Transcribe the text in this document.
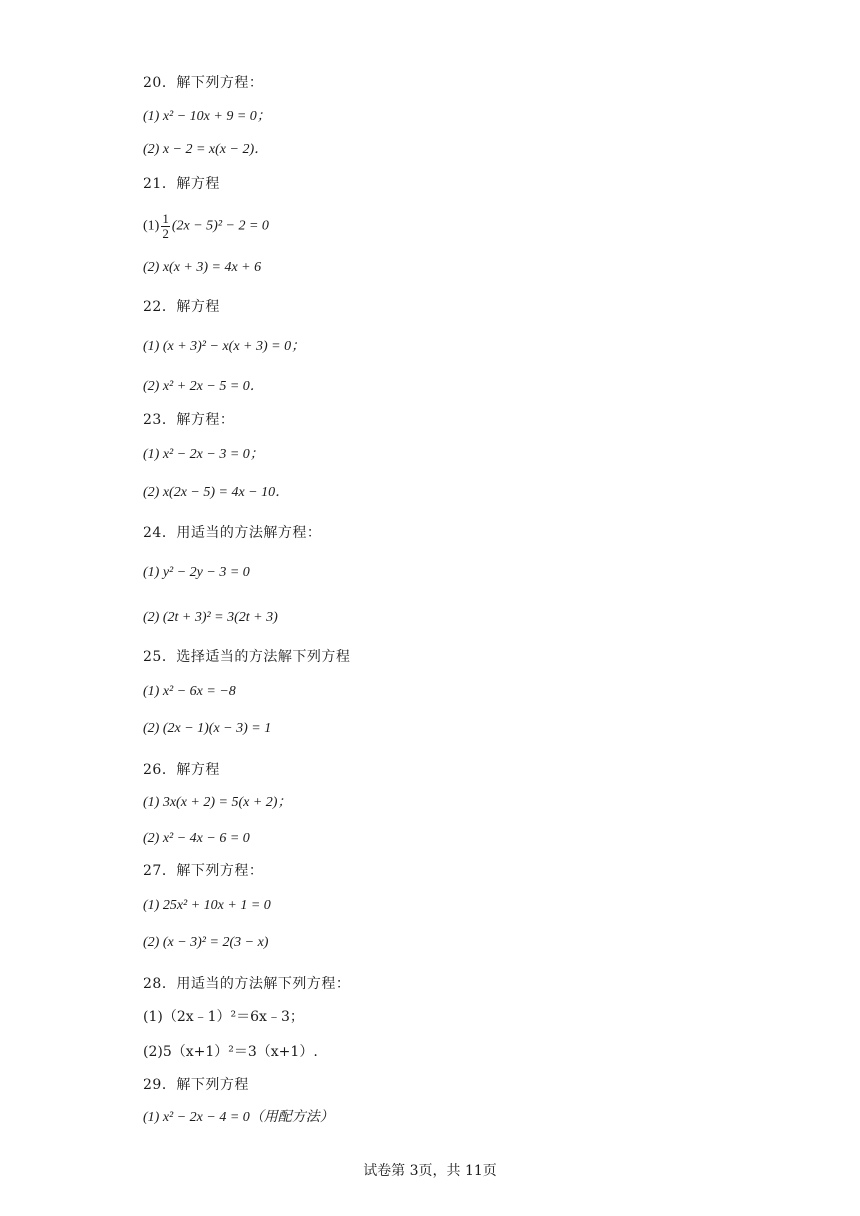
20．解下列方程：
(1) x² − 10x + 9 = 0；
(2) x − 2 = x(x − 2)．
21．解方程
$(1) \frac{1}{2} (2x - 5)^2 - 2 = 0$
(2) x(x + 3) = 4x + 6
22．解方程
(1) (x + 3)² − x(x + 3) = 0；
(2) x² + 2x − 5 = 0．
23．解方程：
(1) x² − 2x − 3 = 0；
(2) x(2x − 5) = 4x − 10．
24．用适当的方法解方程：
(1) y² − 2y − 3 = 0
(2) (2t + 3)² = 3(2t + 3)
25．选择适当的方法解下列方程
(1) x² − 6x = −8
(2) (2x − 1)(x − 3) = 1
26．解方程
(1) 3x(x + 2) = 5(x + 2)；
(2) x² − 4x − 6 = 0
27．解下列方程：
(1) 25x² + 10x + 1 = 0
(2) (x − 3)² = 2(3 − x)
28．用适当的方法解下列方程：
(1)（2x﹣1）²＝6x﹣3；
(2)5（x+1）²＝3（x+1）.
29．解下列方程
(1) x² − 2x − 4 = 0（用配方法）
试卷第 3页，共 11页
